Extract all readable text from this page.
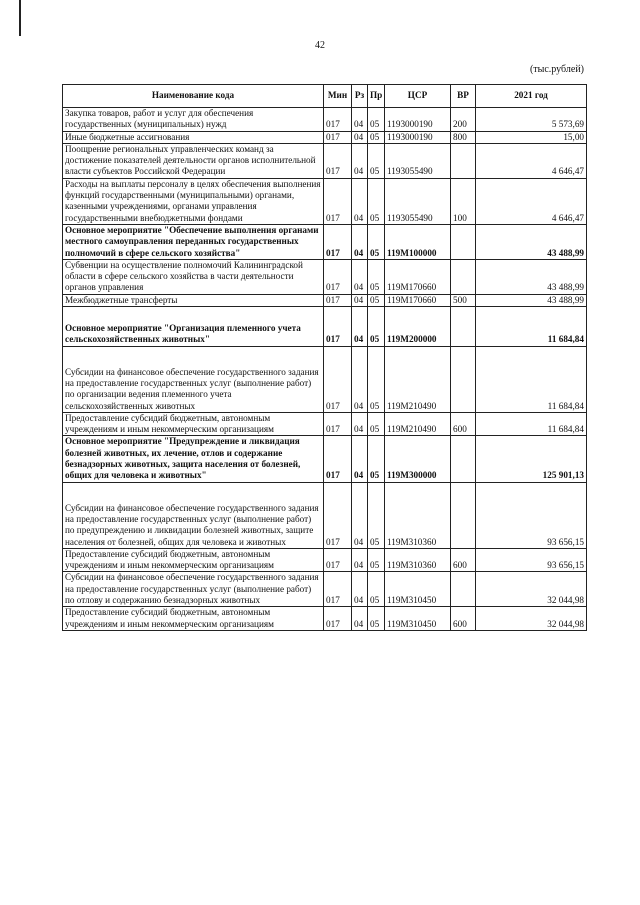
42
(тыс.рублей)
Наименование кода	Мин	Рз	Пр	ЦСР	ВР	2021 год
Закупка товаров, работ и услуг для обеспечения государственных (муниципальных) нужд	017	04	05	1193000190	200	5 573,69
Иные бюджетные ассигнования	017	04	05	1193000190	800	15,00
Поощрение региональных управленческих команд за достижение показателей деятельности органов исполнительной власти субъектов Российской Федерации	017	04	05	1193055490		4 646,47
Расходы на выплаты персоналу в целях обеспечения выполнения функций государственными (муниципальными) органами, казенными учреждениями, органами управления государственными внебюджетными фондами	017	04	05	1193055490	100	4 646,47
Основное мероприятие "Обеспечение выполнения органами местного самоуправления переданных государственных полномочий в сфере сельского хозяйства"	017	04	05	119М100000		43 488,99
Субвенции на осуществление полномочий Калининградской области в сфере сельского хозяйства в части деятельности органов управления	017	04	05	119М170660		43 488,99
Межбюджетные трансферты	017	04	05	119М170660	500	43 488,99
Основное мероприятие "Организация племенного учета сельскохозяйственных животных"	017	04	05	119М200000		11 684,84
Субсидии на финансовое обеспечение государственного задания на предоставление государственных услуг (выполнение работ) по организации ведения племенного учета сельскохозяйственных животных	017	04	05	119М210490		11 684,84
Предоставление субсидий бюджетным, автономным учреждениям и иным некоммерческим организациям	017	04	05	119М210490	600	11 684,84
Основное мероприятие "Предупреждение и ликвидация болезней животных, их лечение, отлов и содержание безнадзорных животных, защита населения от болезней, общих для человека и животных"	017	04	05	119М300000		125 901,13
Субсидии на финансовое обеспечение государственного задания на предоставление государственных услуг (выполнение работ) по предупреждению и ликвидации болезней животных, защите населения от болезней, общих для человека и животных	017	04	05	119М310360		93 656,15
Предоставление субсидий бюджетным, автономным учреждениям и иным некоммерческим организациям	017	04	05	119М310360	600	93 656,15
Субсидии на финансовое обеспечение государственного задания на предоставление государственных услуг (выполнение работ) по отлову и содержанию безнадзорных животных	017	04	05	119М310450		32 044,98
Предоставление субсидий бюджетным, автономным учреждениям и иным некоммерческим организациям	017	04	05	119М310450	600	32 044,98
